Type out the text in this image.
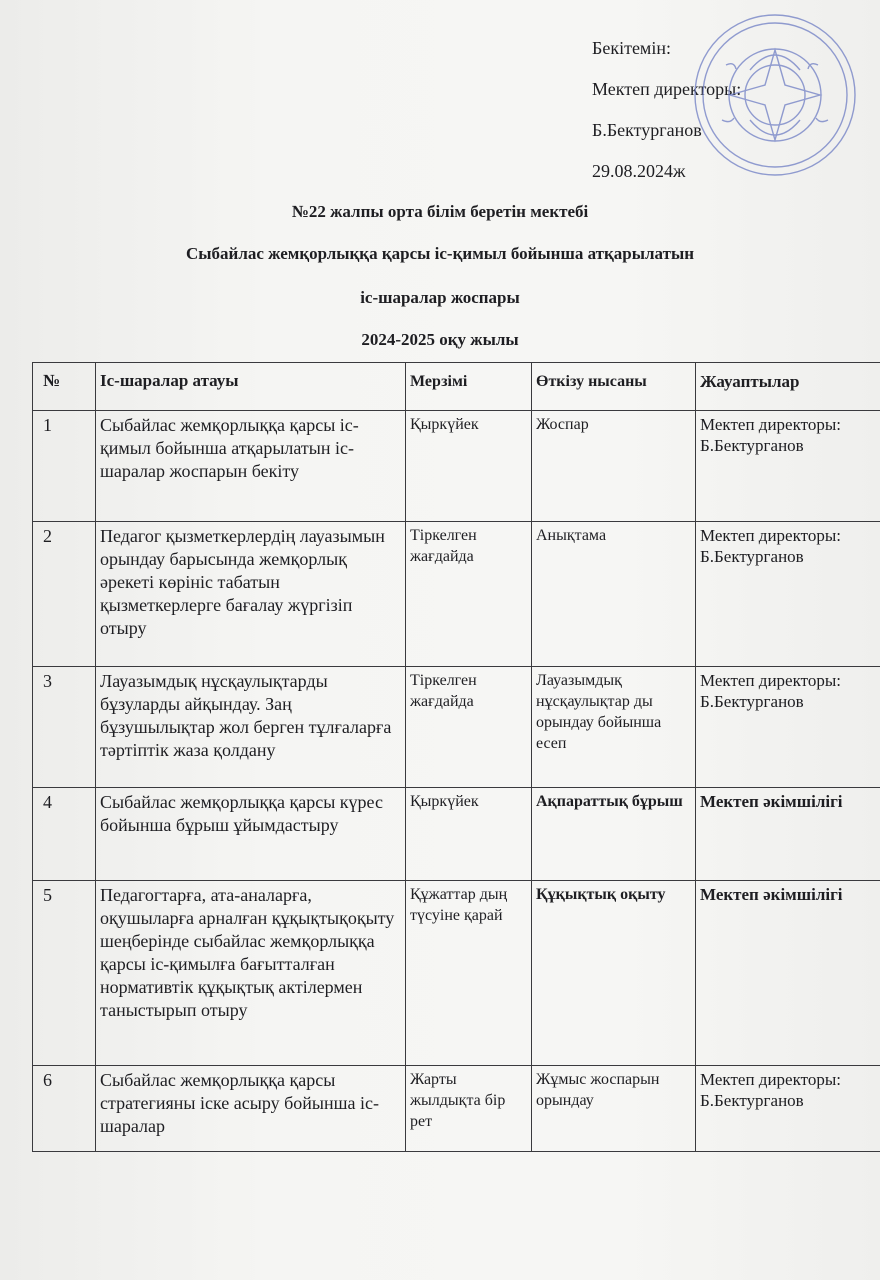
Бекітемін:
Мектеп директоры:
Б.Бектурганов
29.08.2024ж
№22 жалпы орта білім беретін мектебі
Сыбайлас жемқорлыққа қарсы іс-қимыл бойынша атқарылатын
іс-шаралар жоспары
2024-2025 оқу жылы
№	Іс-шаралар атауы	Мерзімі	Өткізу нысаны	Жауаптылар
1	Сыбайлас жемқорлыққа қарсы іс-қимыл бойынша атқарылатын іс-шаралар жоспарын бекіту	Қыркүйек	Жоспар	Мектеп директоры: Б.Бектурганов
2	Педагог қызметкерлердің лауазымын орындау барысында жемқорлық әрекеті көрініс табатын қызметкерлерге бағалау жүргізіп отыру	Тіркелген жағдайда	Анықтама	Мектеп директоры: Б.Бектурганов
3	Лауазымдық нұсқаулықтарды бұзуларды айқындау. Заң бұзушылықтар жол берген тұлғаларға тәртіптік жаза қолдану	Тіркелген жағдайда	Лауазымдық нұсқаулықтар ды орындау бойынша есеп	Мектеп директоры: Б.Бектурганов
4	Сыбайлас жемқорлыққа қарсы күрес бойынша бұрыш ұйымдастыру	Қыркүйек	Ақпараттық бұрыш	Мектеп әкімшілігі
5	Педагогтарға, ата-аналарға, оқушыларға арналған құқықтықоқыту шеңберінде сыбайлас жемқорлыққа қарсы іс-қимылға бағытталған нормативтік құқықтық актілермен таныстырып отыру	Құжаттар дың түсуіне қарай	Құқықтық оқыту	Мектеп әкімшілігі
6	Сыбайлас жемқорлыққа қарсы стратегияны іске асыру бойынша іс-шаралар	Жарты жылдықта бір рет	Жұмыс жоспарын орындау	Мектеп директоры: Б.Бектурганов
